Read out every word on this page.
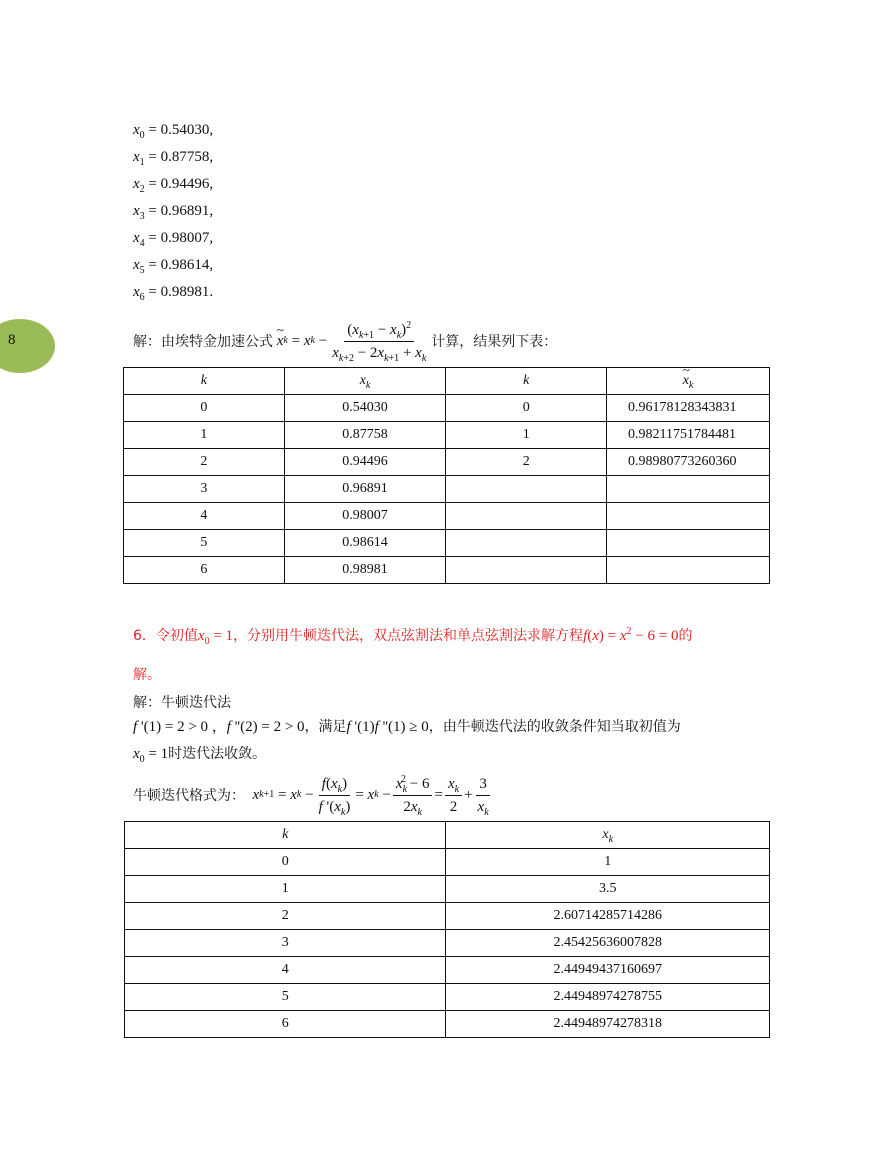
8
$x_0 = 0.54030$,
$x_1 = 0.87758$,
$x_2 = 0.94496$,
$x_3 = 0.96891$,
$x_4 = 0.98007$,
$x_5 = 0.98614$,
$x_6 = 0.98981$.
解：由埃特金加速公式
~ x k = x $k - \frac{(x_{k+1} - x_k)^2}{x_{k+2} - 2x_{k+1} + x_k}$ 计算，结果列下表：
k	$x_k$	k	~ $x_k$
0	0.54030	0	0.96178128343831
1	0.87758	1	0.98211751784481
2	0.94496	2	0.98980773260360
3	0.96891		
4	0.98007		
5	0.98614		
6	0.98981		
6．令初值$x_0 = 1$，分别用牛顿迭代法，双点弦割法和单点弦割法求解方程$f(x) = x^2 - 6 = 0$的
解。
解：牛顿迭代法
f '(1) = 2 > 0 ，f ''(2) = 2 > 0，满足f '(1)f ''(1) ≥ 0，由牛顿迭代法的收敛条件知当取初值为
$x_0 = 1$时迭代法收敛。
牛顿迭代格式为：
x k+1 = x $k - \frac{f(x_k)}{f '(x_k)} = x$ $k - \frac{x_k^2 - 6}{2x_k} = \frac{x_k}{2} + \frac{3}{x_k}$
k	$x_k$
0	1
1	3.5
2	2.60714285714286
3	2.45425636007828
4	2.44949437160697
5	2.44948974278755
6	2.44948974278318
